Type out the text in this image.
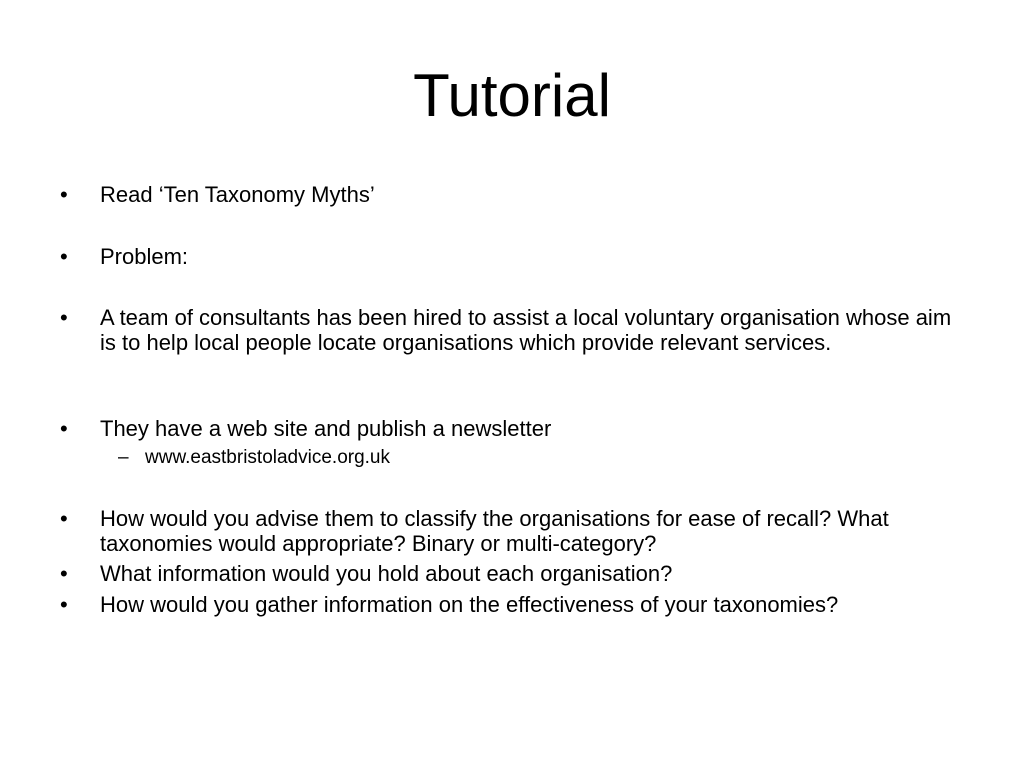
Tutorial
•	Read ‘Ten Taxonomy Myths’
•	Problem:
•	A team of consultants has been hired to assist a local voluntary organisation whose aim is to help local people locate organisations which provide relevant services.
•	They have a web site and publish a newsletter
– www.eastbristoladvice.org.uk
•	How would you advise them to classify the organisations for ease of recall? What taxonomies would appropriate? Binary or multi-category?
•	What information would you hold about each organisation?
•	How would you gather information on the effectiveness of your taxonomies?
